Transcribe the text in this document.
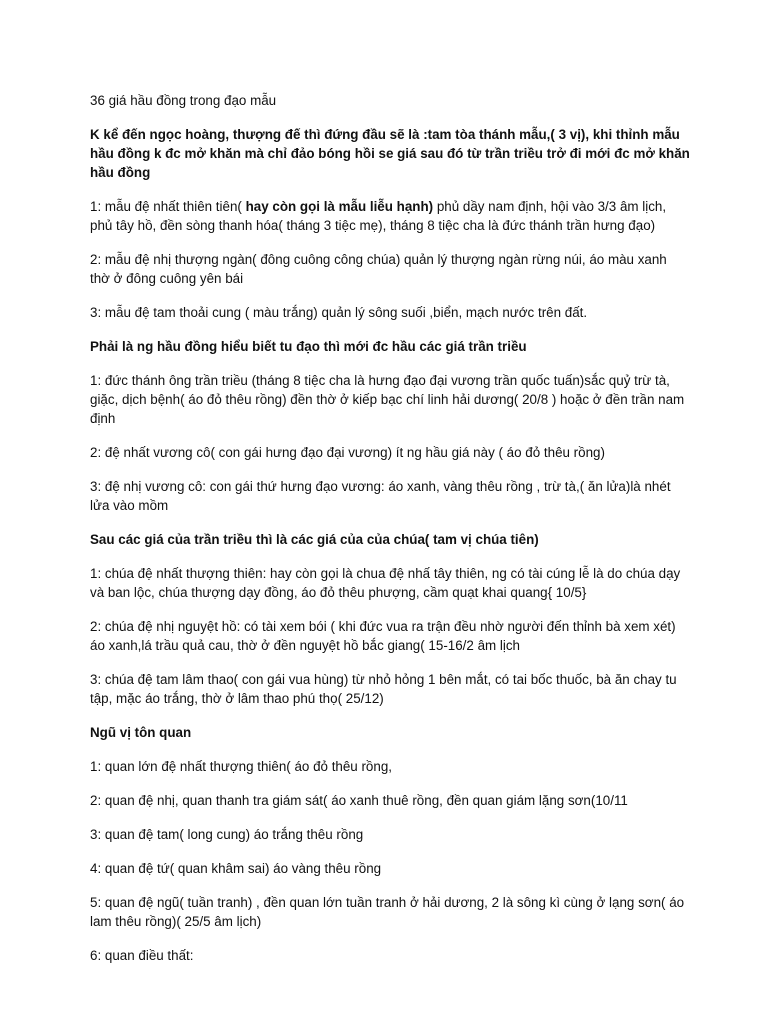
36 giá hầu đồng trong đạo mẫu

K kể đến ngọc hoàng, thượng đế thì đứng đầu sẽ là :tam tòa thánh mẫu,( 3 vị), khi thỉnh mẫu hầu đồng k đc mở khăn mà chỉ đảo bóng hồi se giá sau đó từ trần triều trở đi mới đc mở khăn hầu đồng

1: mẫu đệ nhất thiên tiên( hay còn gọi là mẫu liễu hạnh) phủ dầy nam định, hội vào 3/3 âm lịch, phủ tây hồ, đền sòng thanh hóa( tháng 3 tiệc mẹ), tháng 8 tiệc cha là đức thánh trần hưng đạo)

2: mẫu đệ nhị thượng ngàn( đông cuông công chúa) quản lý thượng ngàn rừng núi, áo màu xanh thờ ở đông cuông yên bái

3: mẫu đệ tam thoải cung ( màu trắng) quản lý sông suối ,biển, mạch nước trên đất.

Phải là ng hầu đồng hiểu biết tu đạo thì mới đc hầu các giá trần triều

1: đức thánh ông trần triều (tháng 8 tiệc cha là hưng đạo đại vương trần quốc tuấn)sắc quỷ trừ tà, giặc, dịch bệnh( áo đỏ thêu rồng) đền thờ ở kiếp bạc chí linh hải dương( 20/8 ) hoặc ở đền trần nam định

2: đệ nhất vương cô( con gái hưng đạo đại vương) ít ng hầu giá này ( áo đỏ thêu rồng)

3: đệ nhị vương cô: con gái thứ hưng đạo vương: áo xanh, vàng thêu rồng , trừ tà,( ăn lửa)là nhét lửa vào mồm

Sau các giá của trần triều thì là các giá của của chúa( tam vị chúa tiên)

1: chúa đệ nhất thượng thiên: hay còn gọi là chua đệ nhấ tây thiên, ng có tài cúng lễ là do chúa dạy và ban lộc, chúa thượng dạy đồng, áo đỏ thêu phượng, cầm quạt khai quang{ 10/5}

2: chúa đệ nhị nguyệt hồ: có tài xem bói ( khi đức vua ra trận đều nhờ người đến thỉnh bà xem xét) áo xanh,lá trầu quả cau, thờ ở đền nguyệt hồ bắc giang( 15-16/2 âm lịch

3: chúa đệ tam lâm thao( con gái vua hùng) từ nhỏ hỏng 1 bên mắt, có tai bốc thuốc, bà ăn chay tu tập, mặc áo trắng, thờ ở lâm thao phú thọ( 25/12)

Ngũ vị tôn quan

1: quan lớn đệ nhất thượng thiên( áo đỏ thêu rồng,

2: quan đệ nhị, quan thanh tra giám sát( áo xanh thuê rồng, đền quan giám lặng sơn(10/11

3: quan đệ tam( long cung) áo trắng thêu rồng

4: quan đệ tứ( quan khâm sai) áo vàng thêu rồng

5: quan đệ ngũ( tuần tranh) , đền quan lớn tuần tranh ở hải dương, 2 là sông kì cùng ở lạng sơn( áo lam thêu rồng)( 25/5 âm lịch)

6: quan điều thất:
